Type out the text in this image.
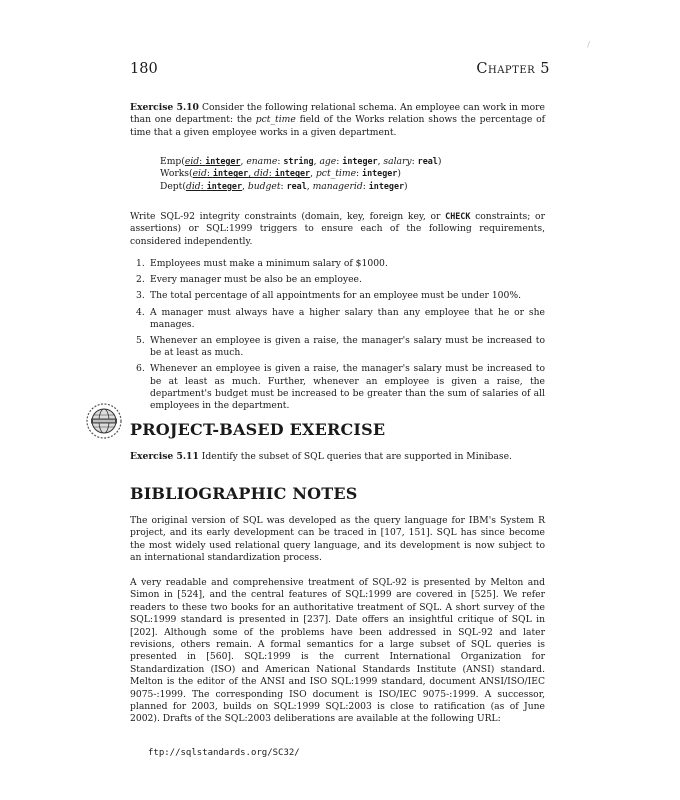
180	Chapter 5
/
Exercise 5.10 Consider the following relational schema. An employee can work in more than one department: the pct_time field of the Works relation shows the percentage of time that a given employee works in a given department.
Emp(eid: integer, ename: string, age: integer, salary: real)
Works(eid: integer, did: integer, pct_time: integer)
Dept(did: integer, budget: real, managerid: integer)
Write SQL-92 integrity constraints (domain, key, foreign key, or CHECK constraints; or assertions) or SQL:1999 triggers to ensure each of the following requirements, considered independently.
1. Employees must make a minimum salary of $1000.
2. Every manager must be also be an employee.
3. The total percentage of all appointments for an employee must be under 100%.
4. A manager must always have a higher salary than any employee that he or she manages.
5. Whenever an employee is given a raise, the manager's salary must be increased to be at least as much.
6. Whenever an employee is given a raise, the manager's salary must be increased to be at least as much. Further, whenever an employee is given a raise, the department's budget must be increased to be greater than the sum of salaries of all employees in the department.
PROJECT-BASED EXERCISE
Exercise 5.11 Identify the subset of SQL queries that are supported in Minibase.
BIBLIOGRAPHIC NOTES
The original version of SQL was developed as the query language for IBM's System R project, and its early development can be traced in [107, 151]. SQL has since become the most widely used relational query language, and its development is now subject to an international standardization process.
A very readable and comprehensive treatment of SQL-92 is presented by Melton and Simon in [524], and the central features of SQL:1999 are covered in [525]. We refer readers to these two books for an authoritative treatment of SQL. A short survey of the SQL:1999 standard is presented in [237]. Date offers an insightful critique of SQL in [202]. Although some of the problems have been addressed in SQL-92 and later revisions, others remain. A formal semantics for a large subset of SQL queries is presented in [560]. SQL:1999 is the current International Organization for Standardization (ISO) and American National Standards Institute (ANSI) standard. Melton is the editor of the ANSI and ISO SQL:1999 standard, document ANSI/ISO/IEC 9075-:1999. The corresponding ISO document is ISO/IEC 9075-:1999. A successor, planned for 2003, builds on SQL:1999 SQL:2003 is close to ratification (as of June 2002). Drafts of the SQL:2003 deliberations are available at the following URL:
ftp://sqlstandards.org/SC32/
